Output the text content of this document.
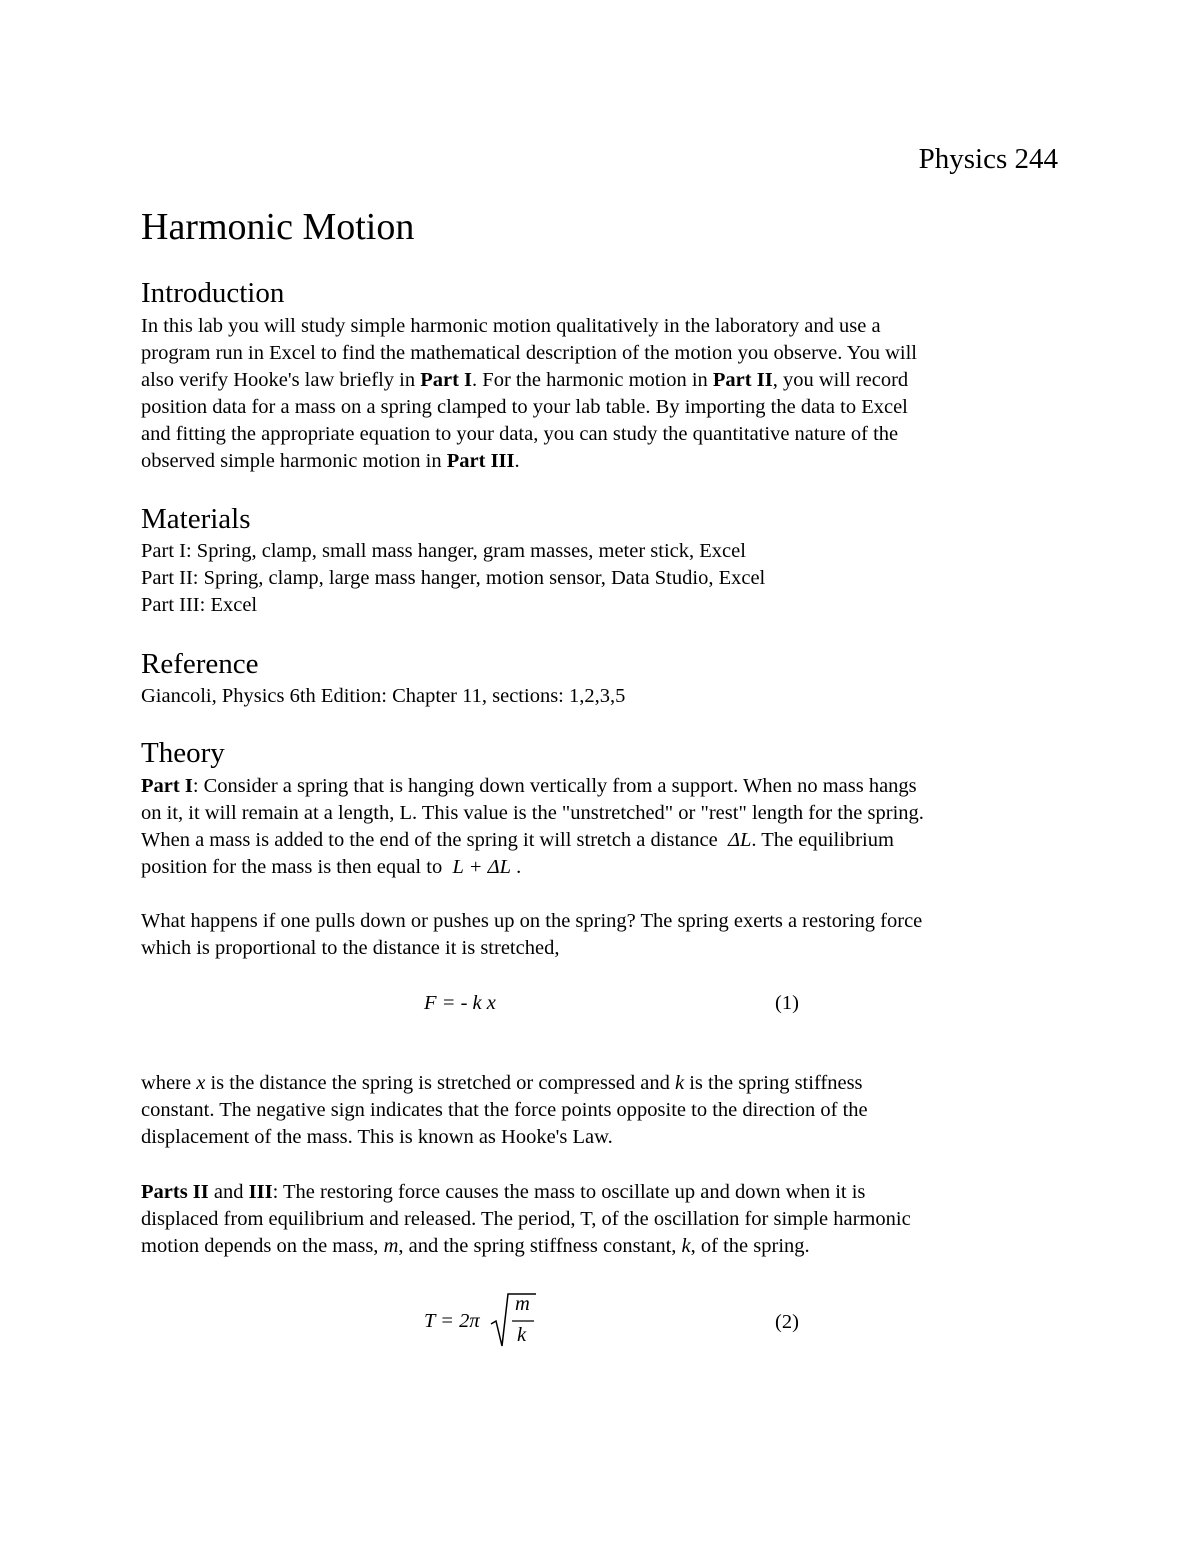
Physics 244
Harmonic Motion
Introduction
In this lab you will study simple harmonic motion qualitatively in the laboratory and use a
program run in Excel to find the mathematical description of the motion you observe. You will
also verify Hooke's law briefly in Part I. For the harmonic motion in Part II, you will record
position data for a mass on a spring clamped to your lab table. By importing the data to Excel
and fitting the appropriate equation to your data, you can study the quantitative nature of the
observed simple harmonic motion in Part III.
Materials
Part I: Spring, clamp, small mass hanger, gram masses, meter stick, Excel
Part II: Spring, clamp, large mass hanger, motion sensor, Data Studio, Excel
Part III: Excel
Reference
Giancoli, Physics 6th Edition: Chapter 11, sections: 1,2,3,5
Theory
Part I: Consider a spring that is hanging down vertically from a support. When no mass hangs
on it, it will remain at a length, L. This value is the "unstretched" or "rest" length for the spring.
When a mass is added to the end of the spring it will stretch a distance  ΔL. The equilibrium
position for the mass is then equal to  L + ΔL .
What happens if one pulls down or pushes up on the spring? The spring exerts a restoring force
which is proportional to the distance it is stretched,
F = - k x	(1)
where x is the distance the spring is stretched or compressed and k is the spring stiffness
constant. The negative sign indicates that the force points opposite to the direction of the
displacement of the mass. This is known as Hooke's Law.
Parts II and III: The restoring force causes the mass to oscillate up and down when it is
displaced from equilibrium and released. The period, T, of the oscillation for simple harmonic
motion depends on the mass, m, and the spring stiffness constant, k, of the spring.
T = 2π
m
k
(2)
